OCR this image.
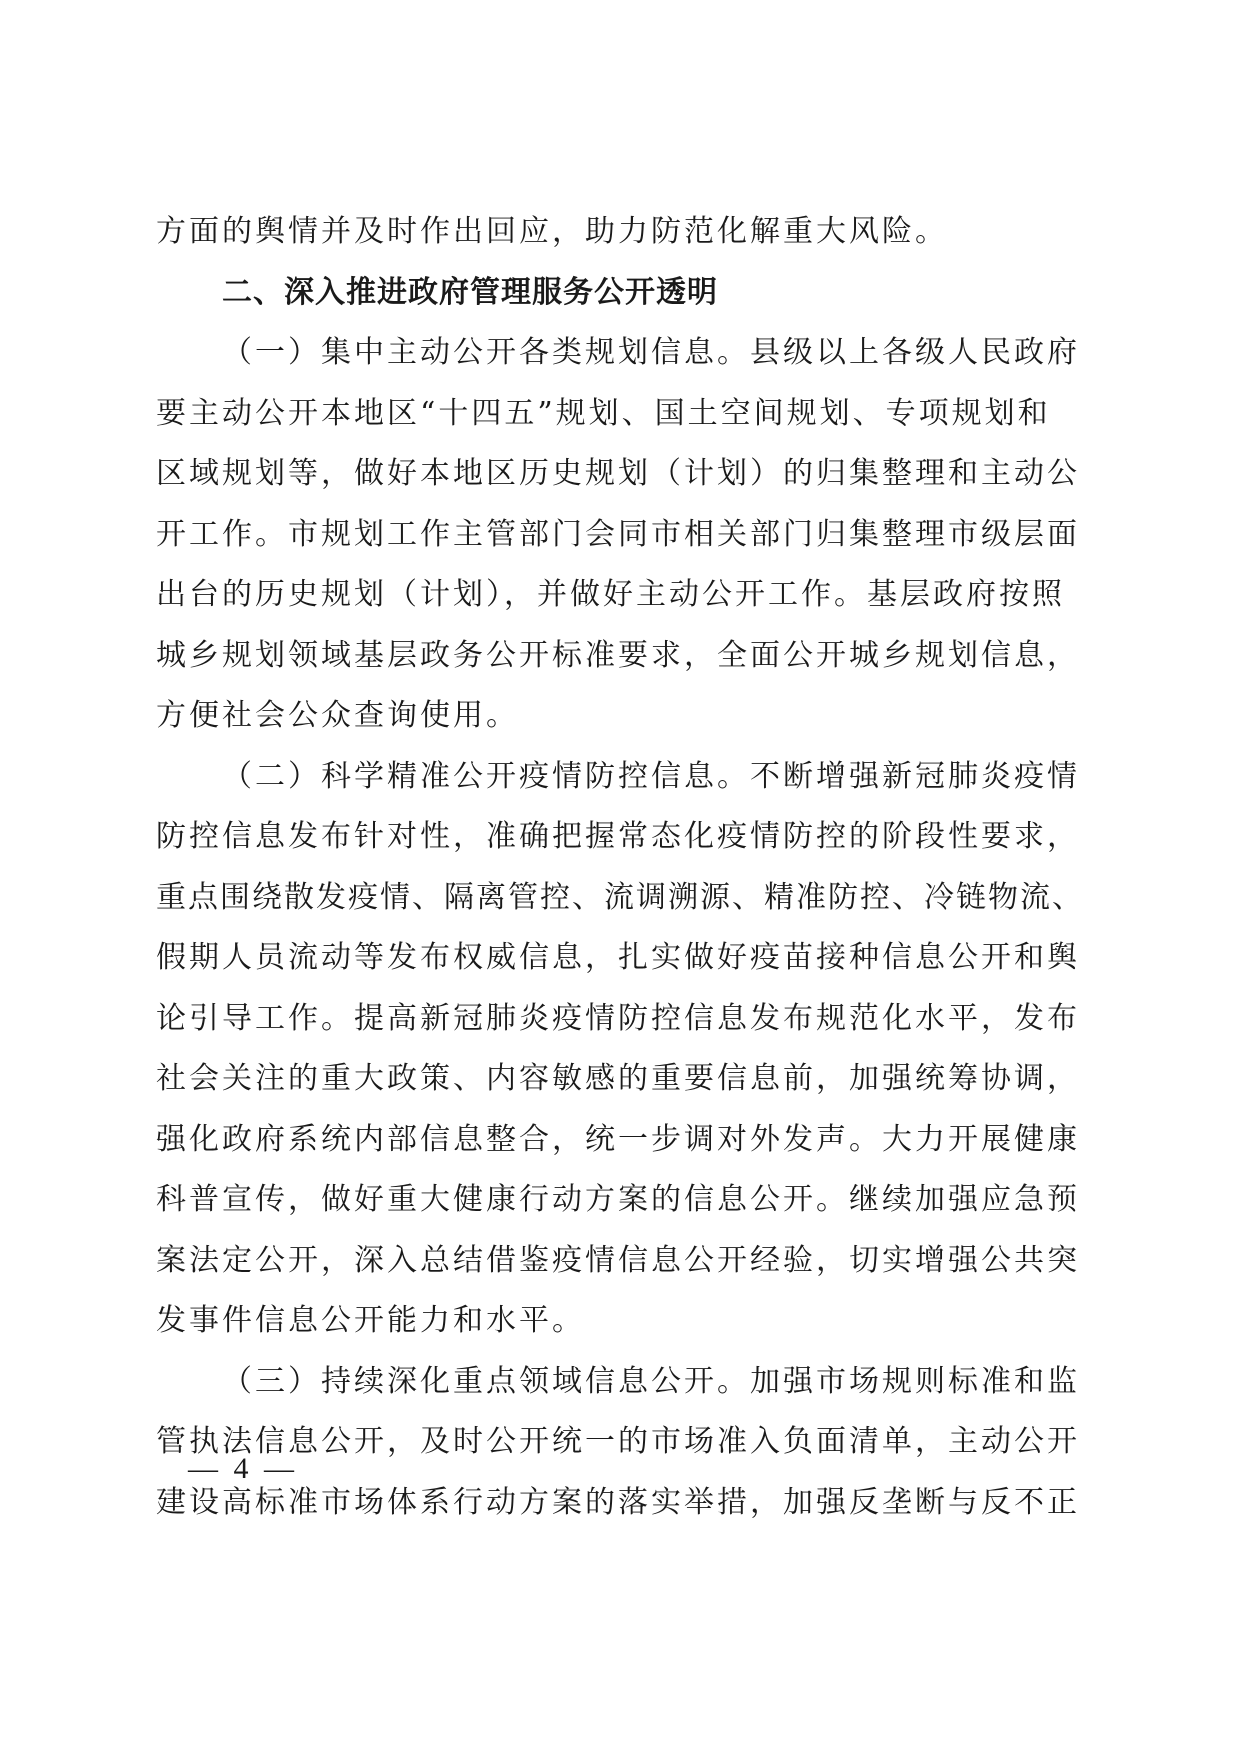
方面的舆情并及时作出回应，助力防范化解重大风险。
二、深入推进政府管理服务公开透明
（一）集中主动公开各类规划信息。县级以上各级人民政府
要主动公开本地区“十四五”规划、国土空间规划、专项规划和
区域规划等，做好本地区历史规划（计划）的归集整理和主动公
开工作。市规划工作主管部门会同市相关部门归集整理市级层面
出台的历史规划（计划），并做好主动公开工作。基层政府按照
城乡规划领域基层政务公开标准要求，全面公开城乡规划信息，
方便社会公众查询使用。
（二）科学精准公开疫情防控信息。不断增强新冠肺炎疫情
防控信息发布针对性，准确把握常态化疫情防控的阶段性要求，
重点围绕散发疫情、隔离管控、流调溯源、精准防控、冷链物流、
假期人员流动等发布权威信息，扎实做好疫苗接种信息公开和舆
论引导工作。提高新冠肺炎疫情防控信息发布规范化水平，发布
社会关注的重大政策、内容敏感的重要信息前，加强统筹协调，
强化政府系统内部信息整合，统一步调对外发声。大力开展健康
科普宣传，做好重大健康行动方案的信息公开。继续加强应急预
案法定公开，深入总结借鉴疫情信息公开经验，切实增强公共突
发事件信息公开能力和水平。
（三）持续深化重点领域信息公开。加强市场规则标准和监
管执法信息公开，及时公开统一的市场准入负面清单，主动公开
建设高标准市场体系行动方案的落实举措，加强反垄断与反不正
— 4 —
